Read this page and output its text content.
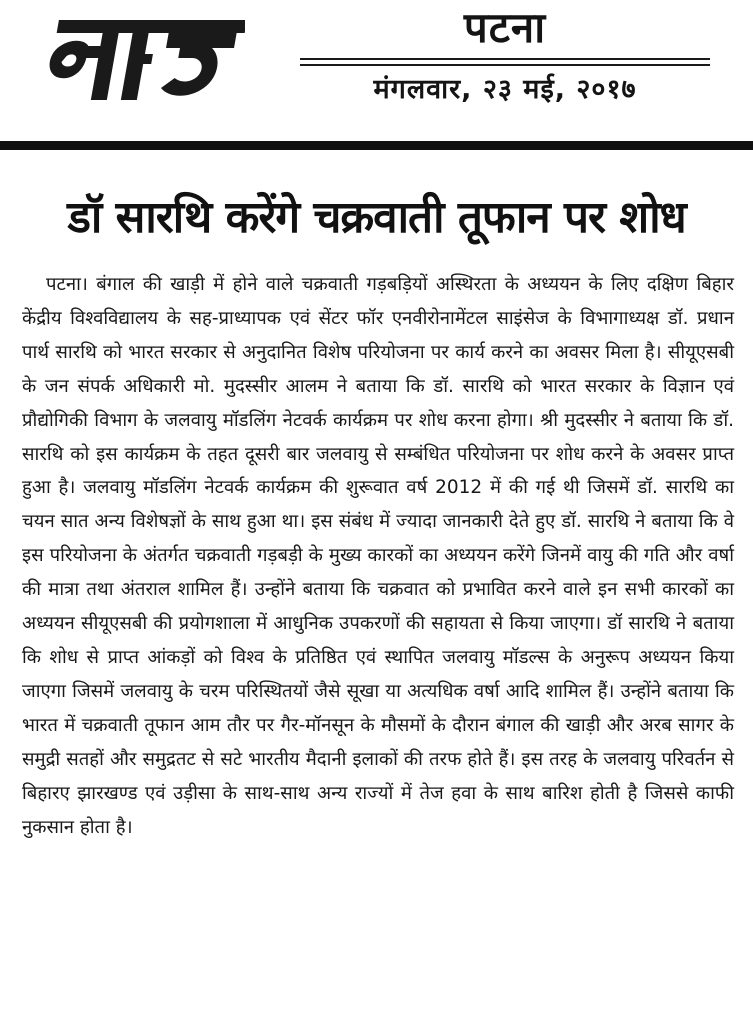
पटना
मंगलवार, २३ मई, २०१७
डॉ सारथि करेंगे चक्रवाती तूफान पर शोध
पटना। बंगाल की खाड़ी में होने वाले चक्रवाती गड़बड़ियों अस्थिरता के अध्ययन के लिए दक्षिण बिहार केंद्रीय विश्वविद्यालय के सह-प्राध्यापक एवं सेंटर फॉर एनवीरोनामेंटल साइंसेज के विभागाध्यक्ष डॉ. प्रधान पार्थ सारथि को भारत सरकार से अनुदानित विशेष परियोजना पर कार्य करने का अवसर मिला है। सीयूएसबी के जन संपर्क अधिकारी मो. मुदस्सीर आलम ने बताया कि डॉ. सारथि को भारत सरकार के विज्ञान एवं प्रौद्योगिकी विभाग के जलवायु मॉडलिंग नेटवर्क कार्यक्रम पर शोध करना होगा। श्री मुदस्सीर ने बताया कि डॉ. सारथि को इस कार्यक्रम के तहत दूसरी बार जलवायु से सम्बंधित परियोजना पर शोध करने के अवसर प्राप्त हुआ है। जलवायु मॉडलिंग नेटवर्क कार्यक्रम की शुरूवात वर्ष 2012 में की गई थी जिसमें डॉ. सारथि का चयन सात अन्य विशेषज्ञों के साथ हुआ था। इस संबंध में ज्यादा जानकारी देते हुए डॉ. सारथि ने बताया कि वे इस परियोजना के अंतर्गत चक्रवाती गड़बड़ी के मुख्य कारकों का अध्ययन करेंगे जिनमें वायु की गति और वर्षा की मात्रा तथा अंतराल शामिल हैं। उन्होंने बताया कि चक्रवात को प्रभावित करने वाले इन सभी कारकों का अध्ययन सीयूएसबी की प्रयोगशाला में आधुनिक उपकरणों की सहायता से किया जाएगा। डॉ सारथि ने बताया कि शोध से प्राप्त आंकड़ों को विश्व के प्रतिष्ठित एवं स्थापित जलवायु मॉडल्स के अनुरूप अध्ययन किया जाएगा जिसमें जलवायु के चरम परिस्थितयों जैसे सूखा या अत्यधिक वर्षा आदि शामिल हैं। उन्होंने बताया कि भारत में चक्रवाती तूफान आम तौर पर गैर-मॉनसून के मौसमों के दौरान बंगाल की खाड़ी और अरब सागर के समुद्री सतहों और समुद्रतट से सटे भारतीय मैदानी इलाकों की तरफ होते हैं। इस तरह के जलवायु परिवर्तन से बिहारए झारखण्ड एवं उड़ीसा के साथ-साथ अन्य राज्यों में तेज हवा के साथ बारिश होती है जिससे काफी नुकसान होता है।
